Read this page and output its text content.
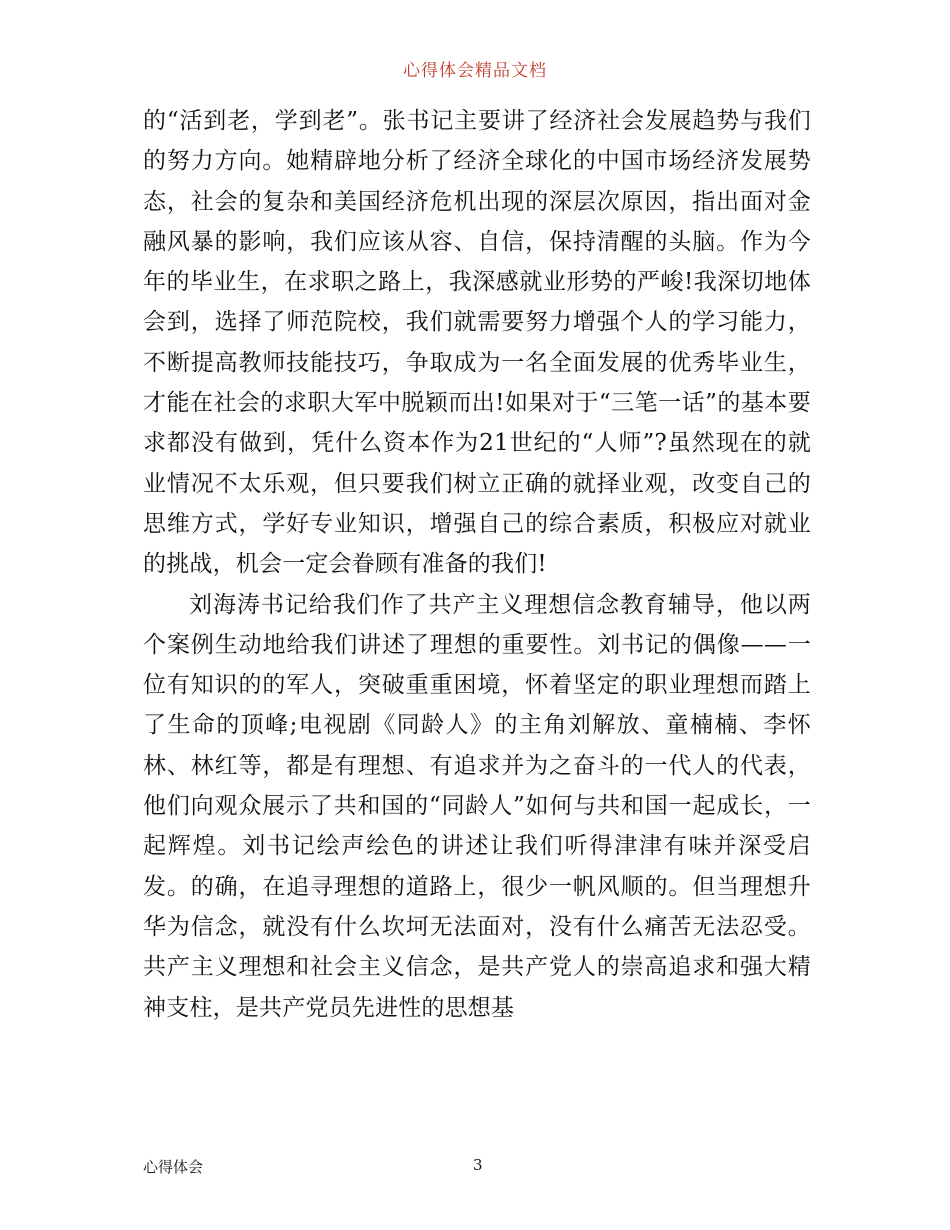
心得体会精品文档

的“活到老，学到老”。张书记主要讲了经济社会发展趋势与我们的努力方向。她精辟地分析了经济全球化的中国市场经济发展势态，社会的复杂和美国经济危机出现的深层次原因，指出面对金融风暴的影响，我们应该从容、自信，保持清醒的头脑。作为今年的毕业生，在求职之路上，我深感就业形势的严峻!我深切地体会到，选择了师范院校，我们就需要努力增强个人的学习能力，不断提高教师技能技巧，争取成为一名全面发展的优秀毕业生，才能在社会的求职大军中脱颖而出!如果对于“三笔一话”的基本要求都没有做到，凭什么资本作为21世纪的“人师”?虽然现在的就业情况不太乐观，但只要我们树立正确的就择业观，改变自己的思维方式，学好专业知识，增强自己的综合素质，积极应对就业的挑战，机会一定会眷顾有准备的我们!

刘海涛书记给我们作了共产主义理想信念教育辅导，他以两个案例生动地给我们讲述了理想的重要性。刘书记的偶像——一位有知识的的军人，突破重重困境，怀着坚定的职业理想而踏上了生命的顶峰;电视剧《同龄人》的主角刘解放、童楠楠、李怀林、林红等，都是有理想、有追求并为之奋斗的一代人的代表，他们向观众展示了共和国的“同龄人”如何与共和国一起成长，一起辉煌。刘书记绘声绘色的讲述让我们听得津津有味并深受启发。的确，在追寻理想的道路上，很少一帆风顺的。但当理想升华为信念，就没有什么坎坷无法面对，没有什么痛苦无法忍受。共产主义理想和社会主义信念，是共产党人的崇高追求和强大精神支柱，是共产党员先进性的思想基

心得体会	3
